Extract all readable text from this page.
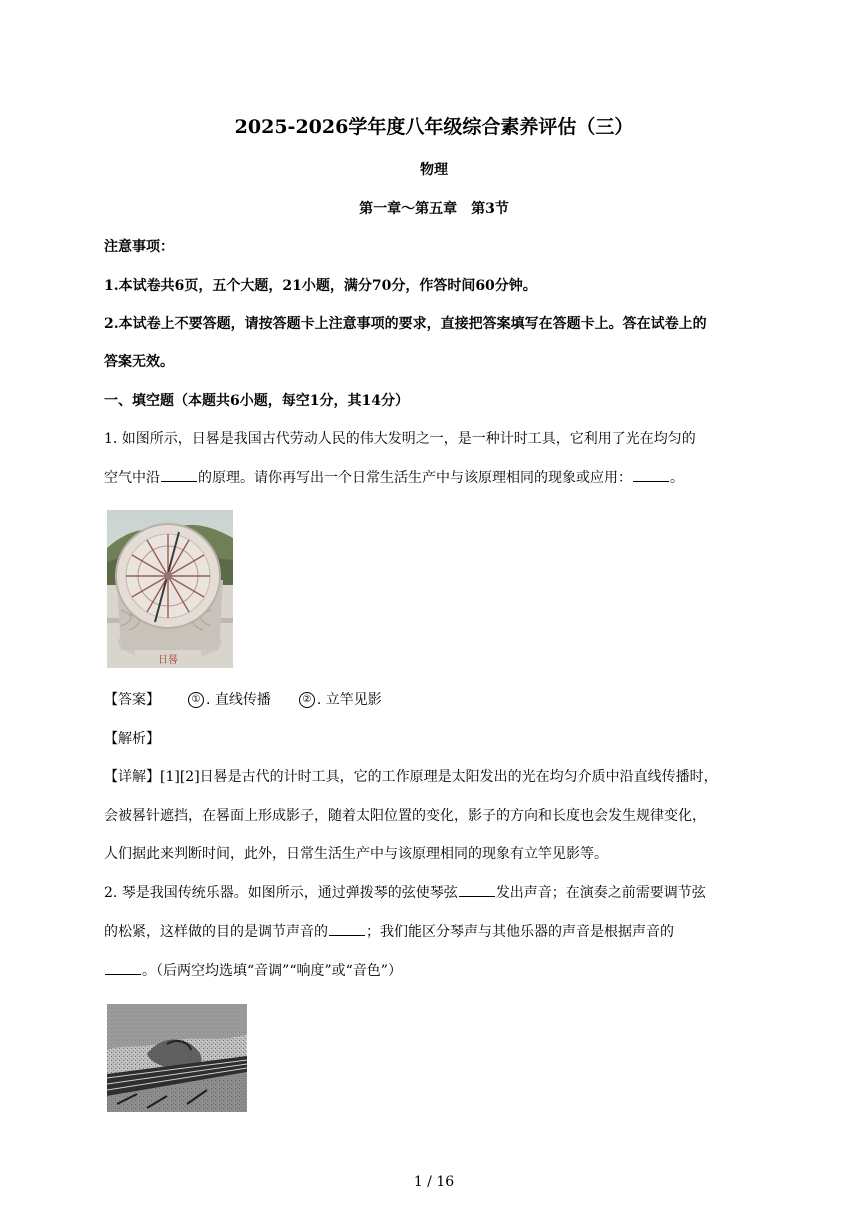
2025-2026学年度八年级综合素养评估（三）
物理
第一章～第五章　第3节
注意事项：
1.本试卷共6页，五个大题，21小题，满分70分，作答时间60分钟。
2.本试卷上不要答题，请按答题卡上注意事项的要求，直接把答案填写在答题卡上。答在试卷上的
答案无效。
一、填空题（本题共6小题，每空1分，其14分）
1. 如图所示，日晷是我国古代劳动人民的伟大发明之一，是一种计时工具，它利用了光在均匀的
空气中沿	的原理。请你再写出一个日常生活生产中与该原理相同的现象或应用：	。
日晷
【答案】	① . 直线传播	② . 立竿见影
【解析】
【详解】[1][2]日晷是古代的计时工具，它的工作原理是太阳发出的光在均匀介质中沿直线传播时，
会被晷针遮挡，在晷面上形成影子，随着太阳位置的变化，影子的方向和长度也会发生规律变化，
人们据此来判断时间，此外，日常生活生产中与该原理相同的现象有立竿见影等。
2. 琴是我国传统乐器。如图所示，通过弹拨琴的弦使琴弦	发出声音；在演奏之前需要调节弦
的松紧，这样做的目的是调节声音的	；我们能区分琴声与其他乐器的声音是根据声音的
。（后两空均选填“音调”“响度”或“音色”）
1 / 16
